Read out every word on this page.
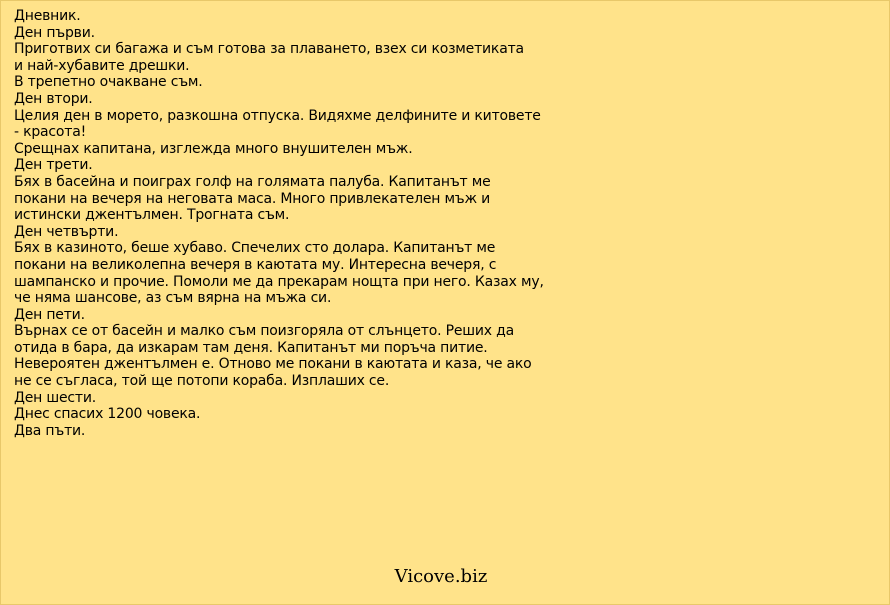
Дневник.
Ден първи.
Приготвих си багажа и съм готова за плаването, взех си козметиката
и най-хубавите дрешки.
В трепетно очакване съм.
Ден втори.
Целия ден в морето, разкошна отпуска. Видяхме делфините и китовете
- красота!
Срещнах капитана, изглежда много внушителен мъж.
Ден трети.
Бях в басейна и поиграх голф на голямата палуба. Капитанът ме
покани на вечеря на неговата маса. Много привлекателен мъж и
истински джентълмен. Трогната съм.
Ден четвърти.
Бях в казиното, беше хубаво. Спечелих сто долара. Капитанът ме
покани на великолепна вечеря в каютата му. Интересна вечеря, с
шампанско и прочие. Помоли ме да прекарам нощта при него. Казах му,
че няма шансове, аз съм вярна на мъжа си.
Ден пети.
Върнах се от басейн и малко съм поизгоряла от слънцето. Реших да
отида в бара, да изкарам там деня. Капитанът ми поръча питие.
Невероятен джентълмен е. Отново ме покани в каютата и каза, че ако
не се съгласа, той ще потопи кораба. Изплаших се.
Ден шести.
Днес спасих 1200 човека.
Два пъти.
Vicove.biz
